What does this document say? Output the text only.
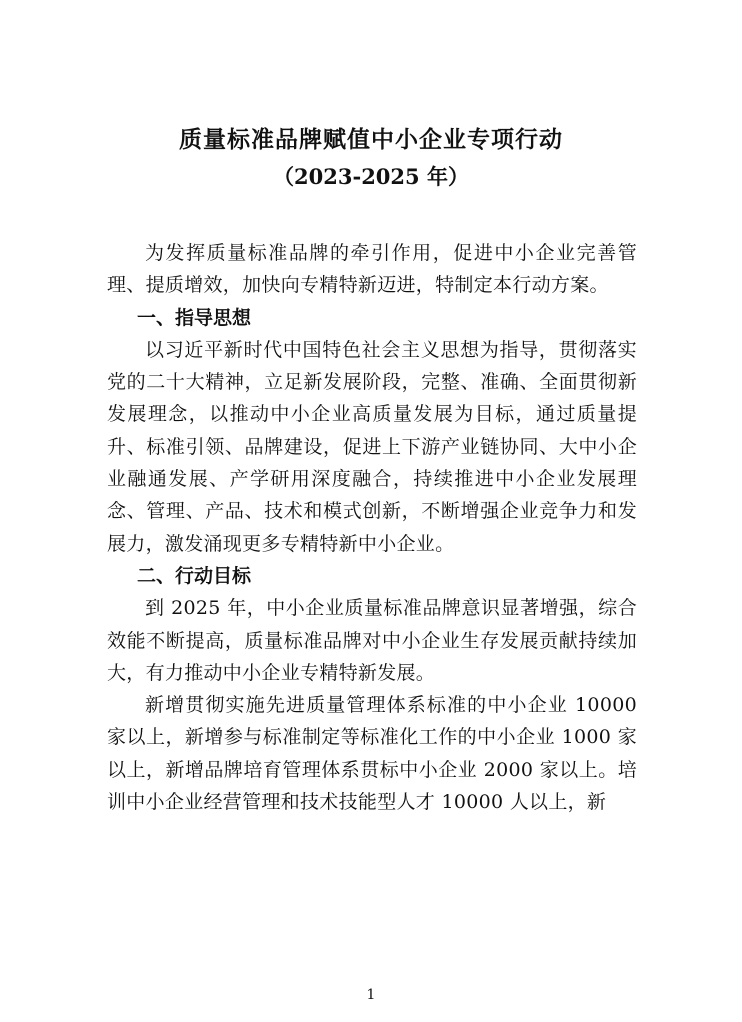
质量标准品牌赋值中小企业专项行动
（2023-2025 年）

为发挥质量标准品牌的牵引作用，促进中小企业完善管理、提质增效，加快向专精特新迈进，特制定本行动方案。

一、指导思想

以习近平新时代中国特色社会主义思想为指导，贯彻落实党的二十大精神，立足新发展阶段，完整、准确、全面贯彻新发展理念，以推动中小企业高质量发展为目标，通过质量提升、标准引领、品牌建设，促进上下游产业链协同、大中小企业融通发展、产学研用深度融合，持续推进中小企业发展理念、管理、产品、技术和模式创新，不断增强企业竞争力和发展力，激发涌现更多专精特新中小企业。

二、行动目标

到 2025 年，中小企业质量标准品牌意识显著增强，综合效能不断提高，质量标准品牌对中小企业生存发展贡献持续加大，有力推动中小企业专精特新发展。

新增贯彻实施先进质量管理体系标准的中小企业 10000 家以上，新增参与标准制定等标准化工作的中小企业 1000 家以上，新增品牌培育管理体系贯标中小企业 2000 家以上。培训中小企业经营管理和技术技能型人才 10000 人以上，新

1
